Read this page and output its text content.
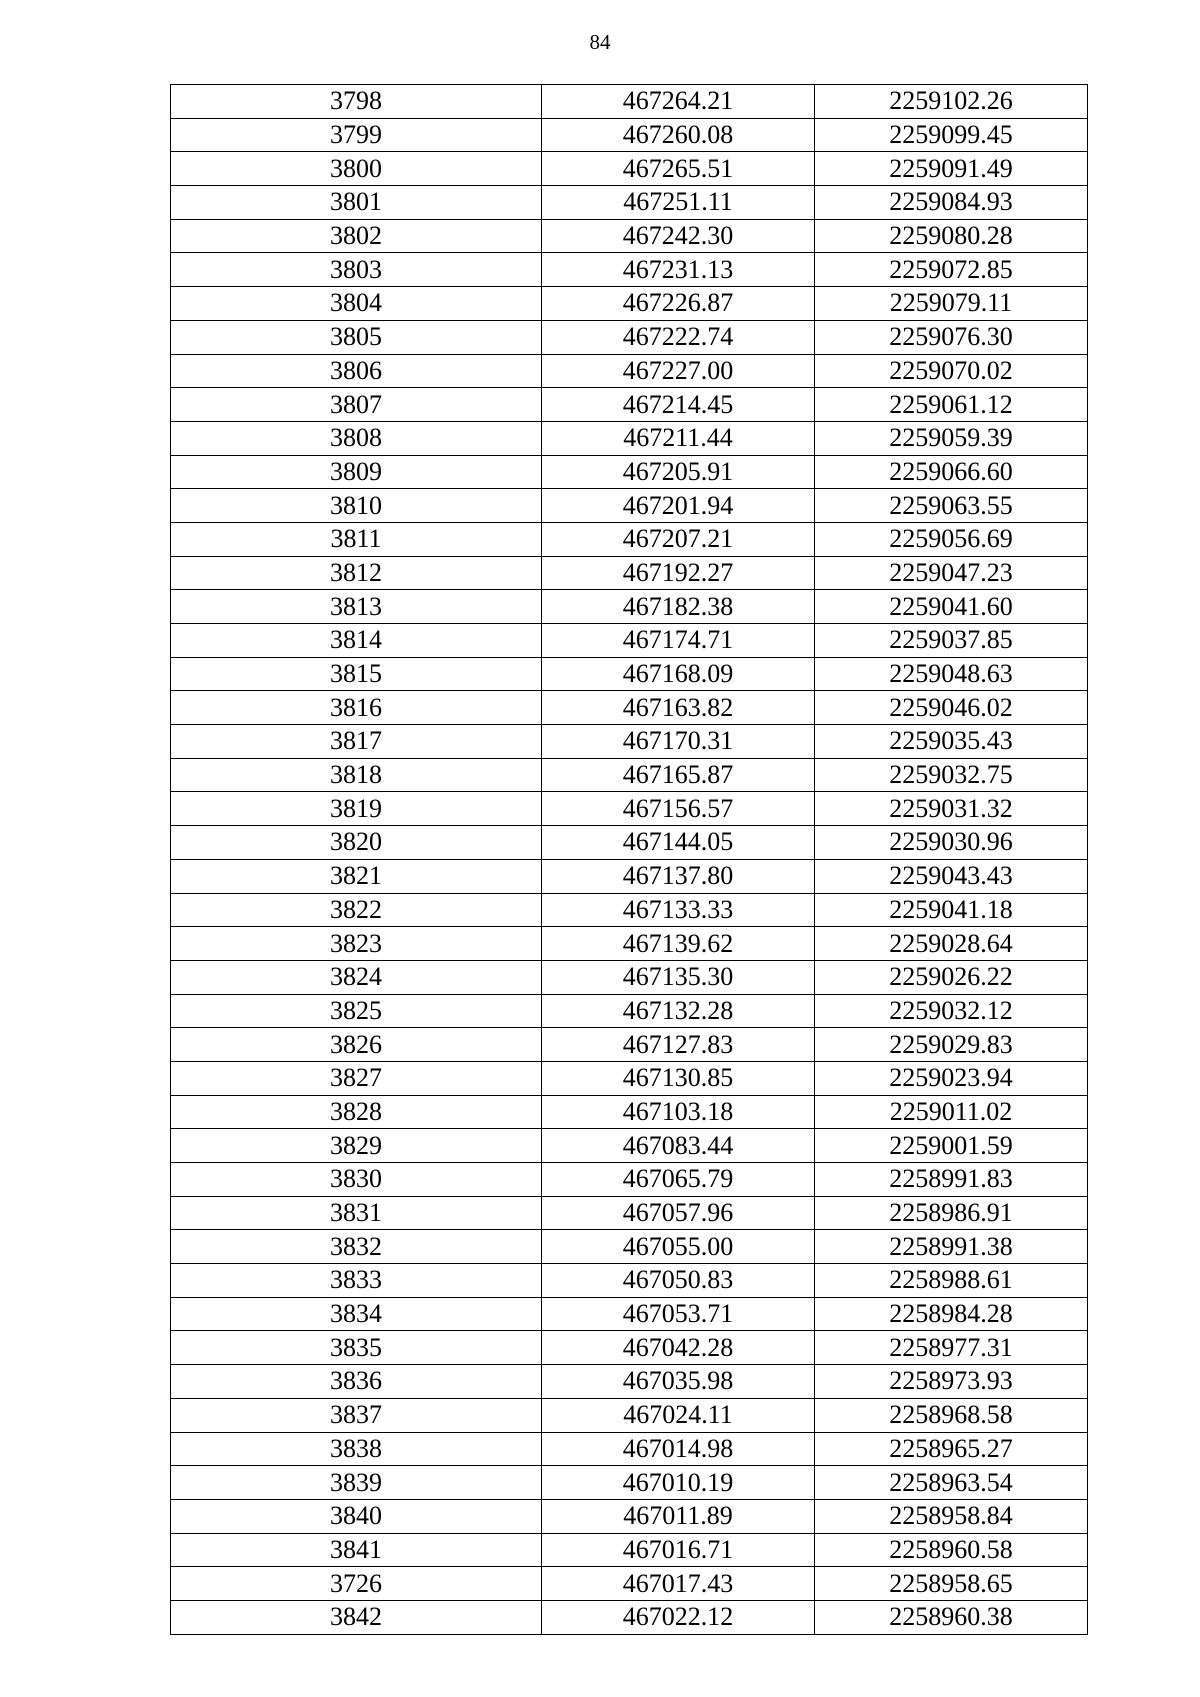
84
3798	467264.21	2259102.26
3799	467260.08	2259099.45
3800	467265.51	2259091.49
3801	467251.11	2259084.93
3802	467242.30	2259080.28
3803	467231.13	2259072.85
3804	467226.87	2259079.11
3805	467222.74	2259076.30
3806	467227.00	2259070.02
3807	467214.45	2259061.12
3808	467211.44	2259059.39
3809	467205.91	2259066.60
3810	467201.94	2259063.55
3811	467207.21	2259056.69
3812	467192.27	2259047.23
3813	467182.38	2259041.60
3814	467174.71	2259037.85
3815	467168.09	2259048.63
3816	467163.82	2259046.02
3817	467170.31	2259035.43
3818	467165.87	2259032.75
3819	467156.57	2259031.32
3820	467144.05	2259030.96
3821	467137.80	2259043.43
3822	467133.33	2259041.18
3823	467139.62	2259028.64
3824	467135.30	2259026.22
3825	467132.28	2259032.12
3826	467127.83	2259029.83
3827	467130.85	2259023.94
3828	467103.18	2259011.02
3829	467083.44	2259001.59
3830	467065.79	2258991.83
3831	467057.96	2258986.91
3832	467055.00	2258991.38
3833	467050.83	2258988.61
3834	467053.71	2258984.28
3835	467042.28	2258977.31
3836	467035.98	2258973.93
3837	467024.11	2258968.58
3838	467014.98	2258965.27
3839	467010.19	2258963.54
3840	467011.89	2258958.84
3841	467016.71	2258960.58
3726	467017.43	2258958.65
3842	467022.12	2258960.38
